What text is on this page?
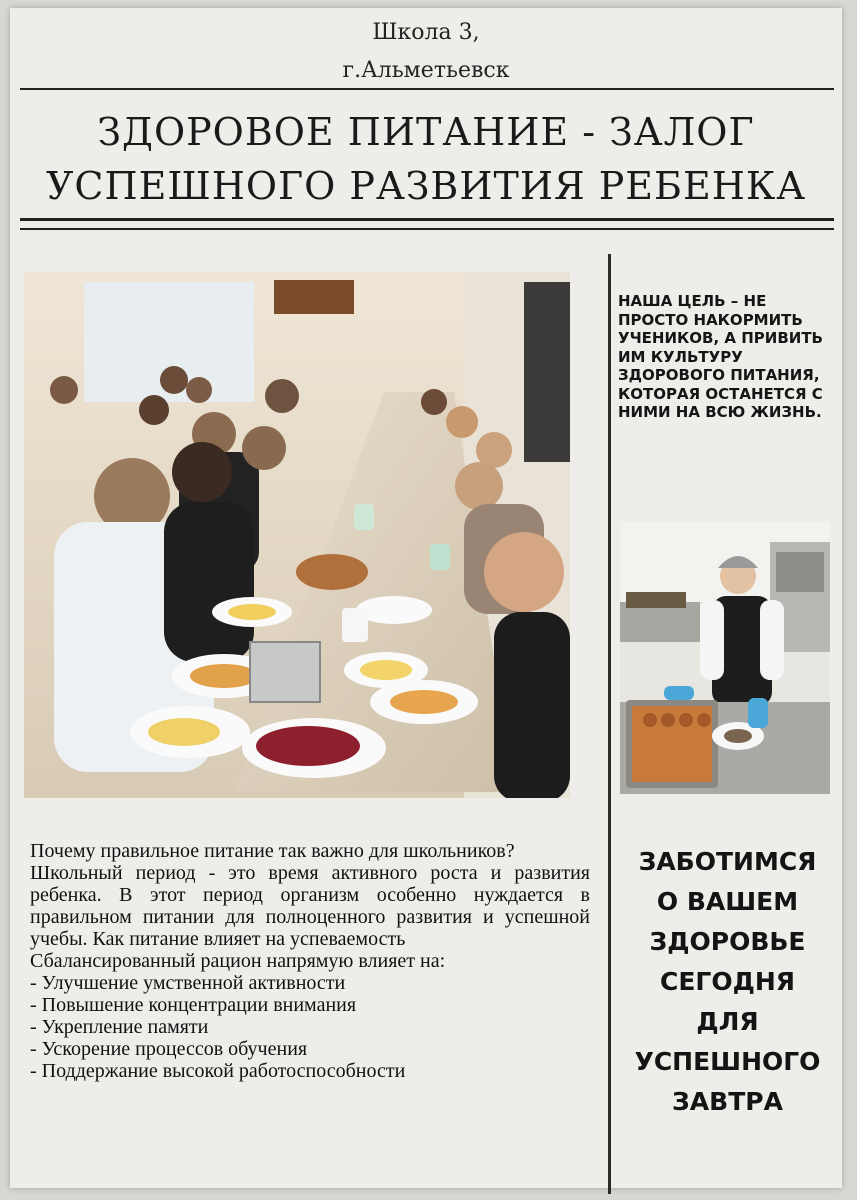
Школа 3,
г.Альметьевск
ЗДОРОВОЕ ПИТАНИЕ - ЗАЛОГ
УСПЕШНОГО РАЗВИТИЯ РЕБЕНКА
НАША ЦЕЛЬ – НЕ ПРОСТО НАКОРМИТЬ УЧЕНИКОВ, А ПРИВИТЬ ИМ КУЛЬТУРУ ЗДОРОВОГО ПИТАНИЯ, КОТОРАЯ ОСТАНЕТСЯ С НИМИ НА ВСЮ ЖИЗНЬ.

Почему правильное питание так важно для школьников?

Школьный период - это время активного роста и развития ребенка. В этот период организм особенно нуждается в правильном питании для полноценного развития и успешной учебы. Как питание влияет на успеваемость

Сбалансированный рацион напрямую влияет на:

- Улучшение умственной активности
- Повышение концентрации внимания
- Укрепление памяти
- Ускорение процессов обучения
- Поддержание высокой работоспособности
ЗАБОТИМСЯ
О ВАШЕМ
ЗДОРОВЬЕ
СЕГОДНЯ
ДЛЯ
УСПЕШНОГО
ЗАВТРА
